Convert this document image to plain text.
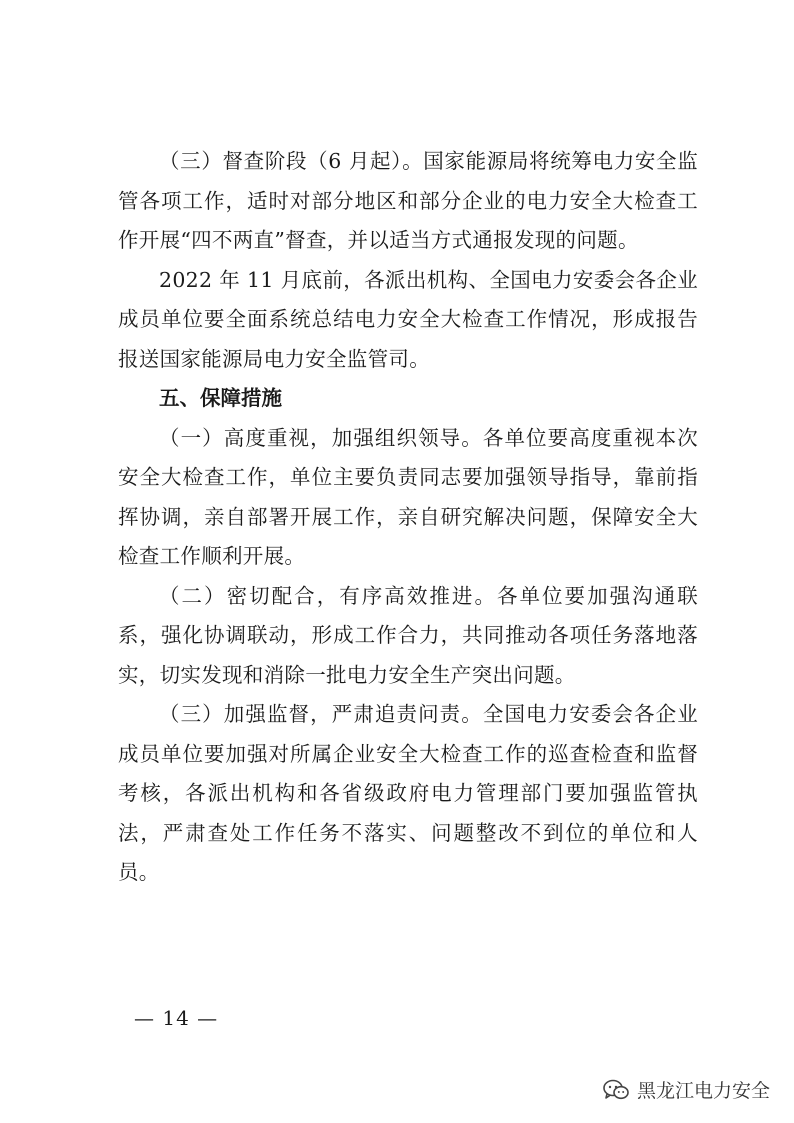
（三）督查阶段（6 月起）。国家能源局将统筹电力安全监管各项工作，适时对部分地区和部分企业的电力安全大检查工作开展“四不两直”督查，并以适当方式通报发现的问题。

2022 年 11 月底前，各派出机构、全国电力安委会各企业成员单位要全面系统总结电力安全大检查工作情况，形成报告报送国家能源局电力安全监管司。

五、保障措施

（一）高度重视，加强组织领导。各单位要高度重视本次安全大检查工作，单位主要负责同志要加强领导指导，靠前指挥协调，亲自部署开展工作，亲自研究解决问题，保障安全大检查工作顺利开展。

（二）密切配合，有序高效推进。各单位要加强沟通联系，强化协调联动，形成工作合力，共同推动各项任务落地落实，切实发现和消除一批电力安全生产突出问题。

（三）加强监督，严肃追责问责。全国电力安委会各企业成员单位要加强对所属企业安全大检查工作的巡查检查和监督考核，各派出机构和各省级政府电力管理部门要加强监管执法，严肃查处工作任务不落实、问题整改不到位的单位和人员。

— 14 —
黑龙江电力安全
